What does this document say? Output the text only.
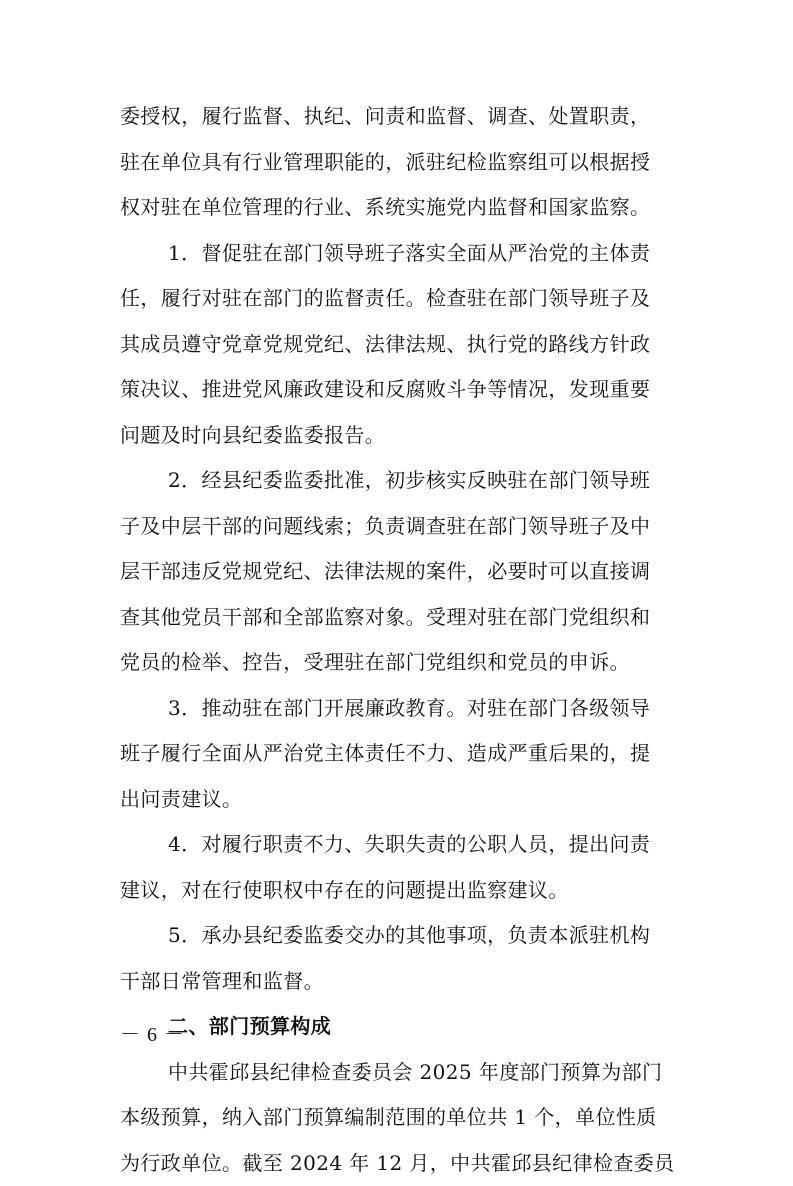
委授权，履行监督、执纪、问责和监督、调查、处置职责，
驻在单位具有行业管理职能的，派驻纪检监察组可以根据授
权对驻在单位管理的行业、系统实施党内监督和国家监察。
1．督促驻在部门领导班子落实全面从严治党的主体责
任，履行对驻在部门的监督责任。检查驻在部门领导班子及
其成员遵守党章党规党纪、法律法规、执行党的路线方针政
策决议、推进党风廉政建设和反腐败斗争等情况，发现重要
问题及时向县纪委监委报告。
2．经县纪委监委批准，初步核实反映驻在部门领导班
子及中层干部的问题线索；负责调查驻在部门领导班子及中
层干部违反党规党纪、法律法规的案件，必要时可以直接调
查其他党员干部和全部监察对象。受理对驻在部门党组织和
党员的检举、控告，受理驻在部门党组织和党员的申诉。
3．推动驻在部门开展廉政教育。对驻在部门各级领导
班子履行全面从严治党主体责任不力、造成严重后果的，提
出问责建议。
4．对履行职责不力、失职失责的公职人员，提出问责
建议，对在行使职权中存在的问题提出监察建议。
5．承办县纪委监委交办的其他事项，负责本派驻机构
干部日常管理和监督。
二、部门预算构成
中共霍邱县纪律检查委员会 2025 年度部门预算为部门
本级预算，纳入部门预算编制范围的单位共 1 个，单位性质
为行政单位。截至 2024 年 12 月，中共霍邱县纪律检查委员
－ 6 －
